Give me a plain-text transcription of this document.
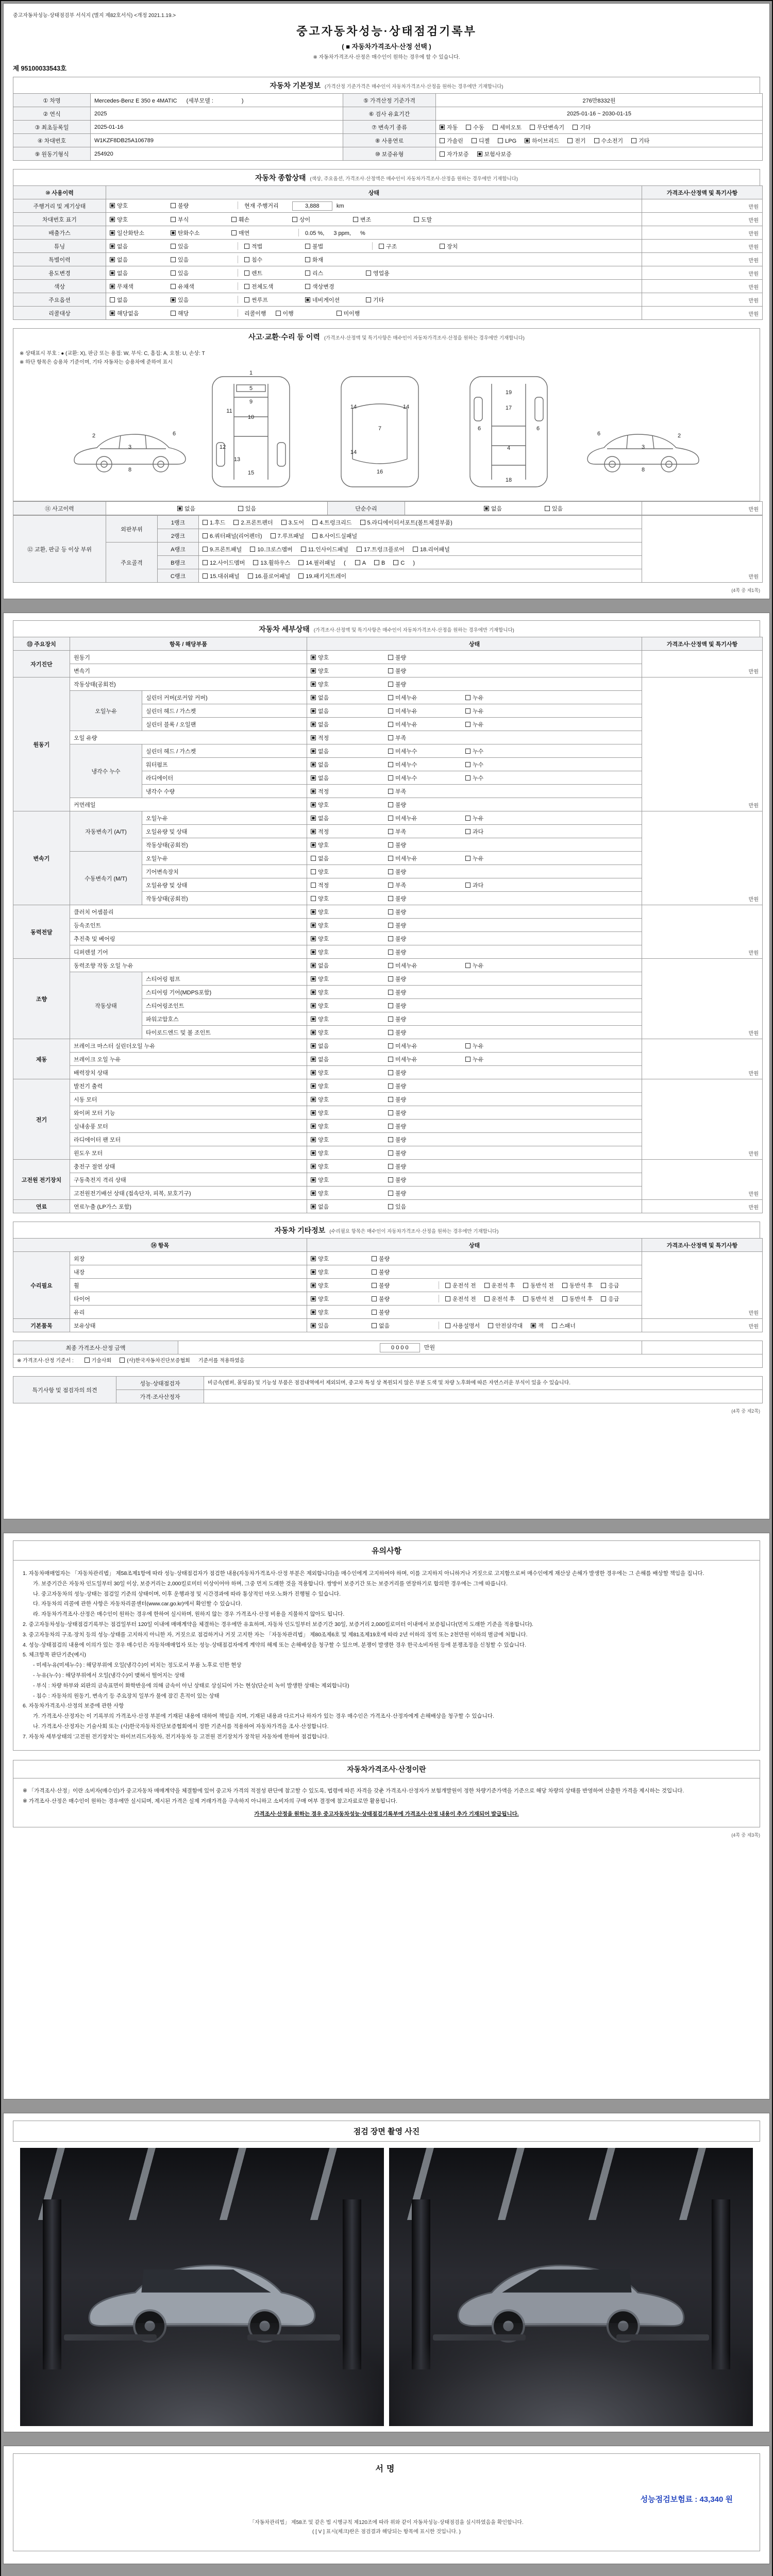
중고자동차성능·상태점검부 서식지 (별지 제82호서식) <개정 2021.1.19.>
중고자동차성능·상태점검기록부
( ■ 자동차가격조사·산정 선택 )
※ 자동차가격조사·산정은 매수인이 원하는 경우에 할 수 있습니다.
제 95100033543호
자동차 기본정보 (가격산정 기준가격은 매수인이 자동차가격조사·산정을 원하는 경우에만 기재합니다)
① 차명	Mercedes-Benz E 350 e 4MATIC (세부모델 :　　　　　)	⑤ 가격산정 기준가격	276만8332원
② 연식	2025	⑥ 검사 유효기간	2025-01-16 ~ 2030-01-15
③ 최초등록일	2025-01-16	⑦ 변속기 종류	자동 수동 세미오토 무단변속기 기타
④ 차대번호	W1KZF8DB25A106789	⑧ 사용연료	가솔린 디젤 LPG 하이브리드 전기 수소전기 기타
⑨ 원동기형식	254920	⑩ 보증유형	자가보증 보험사보증
자동차 종합상태 (색상, 주요옵션, 가격조사·산정액은 매수인이 자동차가격조사·산정을 원하는 경우에만 기재합니다)
⑩ 사용이력	상태	가격조사·산정액 및 특기사항
주행거리 및 계기상태	양호 불량 현재 주행거리 3,888 km	만원
차대번호 표기	양호 부식 훼손 상이 변조 도말	만원
배출가스	일산화탄소 탄화수소 매연 0.05 %, 3 ppm, %	만원
튜닝	없음 있음 적법 불법 구조 장치	만원
특별이력	없음 있음 침수 화재	만원
용도변경	없음 있음 렌트 리스 영업용	만원
색상	무채색 유채색 전체도색 색상변경	만원
주요옵션	없음 있음 썬루프 네비게이션 기타	만원
리콜대상	해당없음 해당 리콜이행 이행 미이행	만원
사고·교환·수리 등 이력 (가격조사·산정액 및 특기사항은 매수인이 자동차가격조사·산정을 원하는 경우에만 기재합니다)
※ 상태표시 부호 : ● (교환: X), 판금 또는 용접: W, 부식: C, 흠집: A, 요철: U, 손상: T
※ 하단 항목은 승용차 기준이며, 기타 자동차는 승용차에 준하여 표시
1
2	2
3	3
4
5
6	6
6	6
7
8	8
9
10
11
12
13
14	14
14
15	16
17
18
19
⑪ 사고이력	없음	있음	단순수리	없음	있음	만원
⑫ 교환, 판금 등 이상 부위	외판부위	1랭크	1.후드 2.프론트펜더 3.도어 4.트렁크리드 5.라디에이터서포트(볼트체결부품)	만원
		2랭크	6.쿼터패널(리어펜더) 7.루프패널 8.사이드실패널	
	주요골격	A랭크	9.프론트패널 10.크로스멤버 11.인사이드패널 17.트렁크플로어 18.리어패널	
		B랭크	12.사이드멤버 13.휠하우스 14.필러패널 ( A B C )	
		C랭크	15.대쉬패널 16.플로어패널 19.패키지트레이	
(4쪽 중 제1쪽)
자동차 세부상태 (가격조사·산정액 및 특기사항은 매수인이 자동차가격조사·산정을 원하는 경우에만 기재합니다)
⑬ 주요장치	항목 / 해당부품		상태	가격조사·산정액 및 특기사항
자기진단	원동기		양호 불량	만원
	변속기		양호 불량	
원동기	작동상태(공회전)		양호 불량	만원
	오일누유	실린더 커버(로커암 커버)	없음 미세누유 누유	
		실린더 헤드 / 가스켓	없음 미세누유 누유	
		실린더 블록 / 오일팬	없음 미세누유 누유	
	오일 유량		적정 부족	
	냉각수 누수	실린더 헤드 / 가스켓	없음 미세누수 누수	
		워터펌프	없음 미세누수 누수	
		라디에이터	없음 미세누수 누수	
		냉각수 수량	적정 부족	
	커먼레일		양호 불량	
변속기	자동변속기 (A/T)	오일누유	없음 미세누유 누유	만원
		오일유량 및 상태	적정 부족 과다	
		작동상태(공회전)	양호 불량	
	수동변속기 (M/T)	오일누유	없음 미세누유 누유	
		기어변속장치	양호 불량	
		오일유량 및 상태	적정 부족 과다	
		작동상태(공회전)	양호 불량	
동력전달	클러치 어셈블리		양호 불량	만원
	등속조인트		양호 불량	
	추진축 및 베어링		양호 불량	
	디퍼렌셜 기어		양호 불량	
조향	동력조향 작동 오일 누유		없음 미세누유 누유	만원
	작동상태	스티어링 펌프	양호 불량	
		스티어링 기어(MDPS포함)	양호 불량	
		스티어링조인트	양호 불량	
		파워고압호스	양호 불량	
		타이로드엔드 및 볼 조인트	양호 불량	
제동	브레이크 마스터 실린더오일 누유		없음 미세누유 누유	만원
	브레이크 오일 누유		없음 미세누유 누유	
	배력장치 상태		양호 불량	
전기	발전기 출력		양호 불량	만원
	시동 모터		양호 불량	
	와이퍼 모터 기능		양호 불량	
	실내송풍 모터		양호 불량	
	라디에이터 팬 모터		양호 불량	
	윈도우 모터		양호 불량	
고전원 전기장치	충전구 절연 상태		양호 불량	만원
	구동축전지 격리 상태		양호 불량	
	고전원전기배선 상태 (접속단자, 피복, 보호기구)		양호 불량	
연료	연료누출 (LP가스 포함)		없음 있음	만원
자동차 기타정보 (수리필요 항목은 매수인이 자동차가격조사·산정을 원하는 경우에만 기재합니다)
⑭ 항목		상태	가격조사·산정액 및 특기사항
수리필요	외장	양호 불량	만원
	내장	양호 불량	
	휠	양호 불량 운전석 전 운전석 후 동반석 전 동반석 후 응급	
	타이어	양호 불량 운전석 전 운전석 후 동반석 전 동반석 후 응급	
	유리	양호 불량	
기본품목	보유상태	있음 없음 사용설명서 안전삼각대 잭 스패너	만원
최종 가격조사·산정 금액	0 0 0 0	만원	
※ 가격조사·산정 기준서 :	기술사회	(사)한국자동차진단보증협회 기준서를 적용하였음
특기사항 및 점검자의 의견	성능·상태점검자	비금속(범퍼, 몰딩류) 및 기능성 부품은 점검내역에서 제외되며, 중고차 특성 상 복원되지 않은 부분 도색 및 차량 노후화에 따른 자연스러운 부식이 있을 수 있습니다.
	가격·조사산정자	
(4쪽 중 제2쪽)
유의사항
1. 자동차매매업자는 「자동차관리법」 제58조제1항에 따라 성능·상태점검자가 점검한 내용(자동차가격조사·산정 부분은 제외합니다)을 매수인에게 고지하여야 하며, 이를 고지하지 아니하거나 거짓으로 고지함으로써 매수인에게 재산상 손해가 발생한 경우에는 그 손해를 배상할 책임을 집니다.
가. 보증기간은 자동차 인도일부터 30일 이상, 보증거리는 2,000킬로미터 이상이어야 하며, 그중 먼저 도래한 것을 적용합니다. 쌍방이 보증기간 또는 보증거리를 연장하기로 합의한 경우에는 그에 따릅니다.
나. 중고자동차의 성능·상태는 점검일 기준의 상태이며, 이후 운행과정 및 시간경과에 따라 통상적인 마모·노화가 진행될 수 있습니다.
다. 자동차의 리콜에 관한 사항은 자동차리콜센터(www.car.go.kr)에서 확인할 수 있습니다.
라. 자동차가격조사·산정은 매수인이 원하는 경우에 한하여 실시하며, 원하지 않는 경우 가격조사·산정 비용을 지불하지 않아도 됩니다.
2. 중고자동차성능·상태점검기록부는 점검일부터 120일 이내에 매매계약을 체결하는 경우에만 유효하며, 자동차 인도일부터 보증기간 30일, 보증거리 2,000킬로미터 이내에서 보증됩니다(먼저 도래한 기준을 적용합니다).
3. 중고자동차의 구조·장치 등의 성능·상태를 고지하지 아니한 자, 거짓으로 점검하거나 거짓 고지한 자는 「자동차관리법」 제80조제6호 및 제81조제19호에 따라 2년 이하의 징역 또는 2천만원 이하의 벌금에 처합니다.
4. 성능·상태점검의 내용에 이의가 있는 경우 매수인은 자동차매매업자 또는 성능·상태점검자에게 계약의 해제 또는 손해배상을 청구할 수 있으며, 분쟁이 발생한 경우 한국소비자원 등에 분쟁조정을 신청할 수 있습니다.
5. 체크항목 판단기준(예시)
- 미세누유(미세누수) : 해당부위에 오일(냉각수)이 비치는 정도로서 부품 노후로 인한 현상
- 누유(누수) : 해당부위에서 오일(냉각수)이 맺혀서 떨어지는 상태
- 부식 : 차량 하부와 외판의 금속표면이 화학반응에 의해 금속이 아닌 상태로 상실되어 가는 현상(단순히 녹이 발생한 상태는 제외합니다)
- 침수 : 자동차의 원동기, 변속기 등 주요장치 일부가 물에 잠긴 흔적이 있는 상태
6. 자동차가격조사·산정의 보증에 관한 사항
가. 가격조사·산정자는 이 기록부의 가격조사·산정 부분에 기재된 내용에 대하여 책임을 지며, 기재된 내용과 다르거나 하자가 있는 경우 매수인은 가격조사·산정자에게 손해배상을 청구할 수 있습니다.
나. 가격조사·산정자는 기술사회 또는 (사)한국자동차진단보증협회에서 정한 기준서를 적용하여 자동차가격을 조사·산정합니다.
7. 자동차 세부상태의 '고전원 전기장치'는 하이브리드자동차, 전기자동차 등 고전원 전기장치가 장착된 자동차에 한하여 점검합니다.
자동차가격조사·산정이란
※ 「가격조사·산정」이란 소비자(매수인)가 중고자동차 매매계약을 체결함에 있어 중고차 가격의 적절성 판단에 참고할 수 있도록, 법령에 따른 자격을 갖춘 가격조사·산정자가 보험개발원이 정한 차량기준가액을 기준으로 해당 차량의 상태를 반영하여 산출한 가격을 제시하는 것입니다.
※ 가격조사·산정은 매수인이 원하는 경우에만 실시되며, 제시된 가격은 실제 거래가격을 구속하지 아니하고 소비자의 구매 여부 결정에 참고자료로만 활용됩니다.
가격조사·산정을 원하는 경우 중고자동차성능·상태점검기록부에 가격조사·산정 내용이 추가 기재되어 발급됩니다.
(4쪽 중 제3쪽)
점검 장면 촬영 사진
서명
성능점검보험료 : 43,340 원
「자동차관리법」 제58조 및 같은 법 시행규칙 제120조에 따라 위와 같이 자동차성능·상태점검을 실시하였음을 확인합니다.
( [ V ] 표시(체크)란은 점검결과 해당되는 항목에 표시한 것입니다. )
